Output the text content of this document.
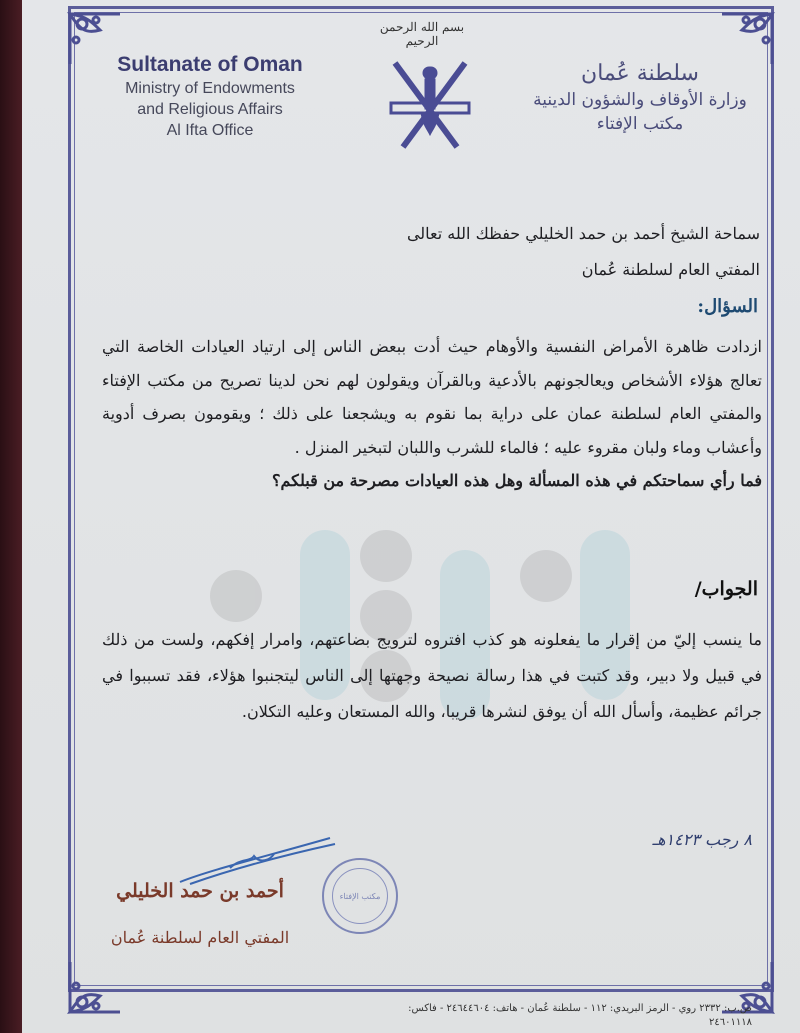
Sultanate of Oman
Ministry of Endowments
and Religious Affairs
Al Ifta Office
بسم الله الرحمن الرحيم
سلطنة عُمان
وزارة الأوقاف والشؤون الدينية
مكتب الإفتاء
سماحة الشيخ أحمد بن حمد الخليلي حفظك الله تعالى
المفتي العام لسلطنة عُمان
السؤال:
ازدادت ظاهرة الأمراض النفسية والأوهام حيث أدت ببعض الناس إلى ارتياد العيادات الخاصة التي تعالج هؤلاء الأشخاص ويعالجونهم بالأدعية وبالقرآن ويقولون لهم نحن لدينا تصريح من مكتب الإفتاء والمفتي العام لسلطنة عمان على دراية بما نقوم به ويشجعنا على ذلك ؛ ويقومون بصرف أدوية وأعشاب وماء ولبان مقروء عليه ؛ فالماء للشرب واللبان لتبخير المنزل .
فما رأي سماحتكم في هذه المسألة وهل هذه العيادات مصرحة من قبلكم؟
الجواب/
ما ينسب إليّ من إقرار ما يفعلونه هو كذب افتروه لترويج بضاعتهم، وامرار إفكهم، ولست من ذلك في قبيل ولا دبير، وقد كتبت في هذا رسالة نصيحة وجهتها إلى الناس ليتجنبوا هؤلاء، فقد تسببوا في جرائم عظيمة، وأسأل الله أن يوفق لنشرها قريبا، والله المستعان وعليه التكلان.
٨ رجب ١٤٢٣هـ
أحمد بن حمد الخليلي
المفتي العام لسلطنة عُمان
مكتب الإفتاء
ص.ب: ٢٣٣٢ روي - الرمز البريدي: ١١٢ - سلطنة عُمان - هاتف: ٢٤٦٤٤٦٠٤ - فاكس:
٢٤٦٠١١١٨
